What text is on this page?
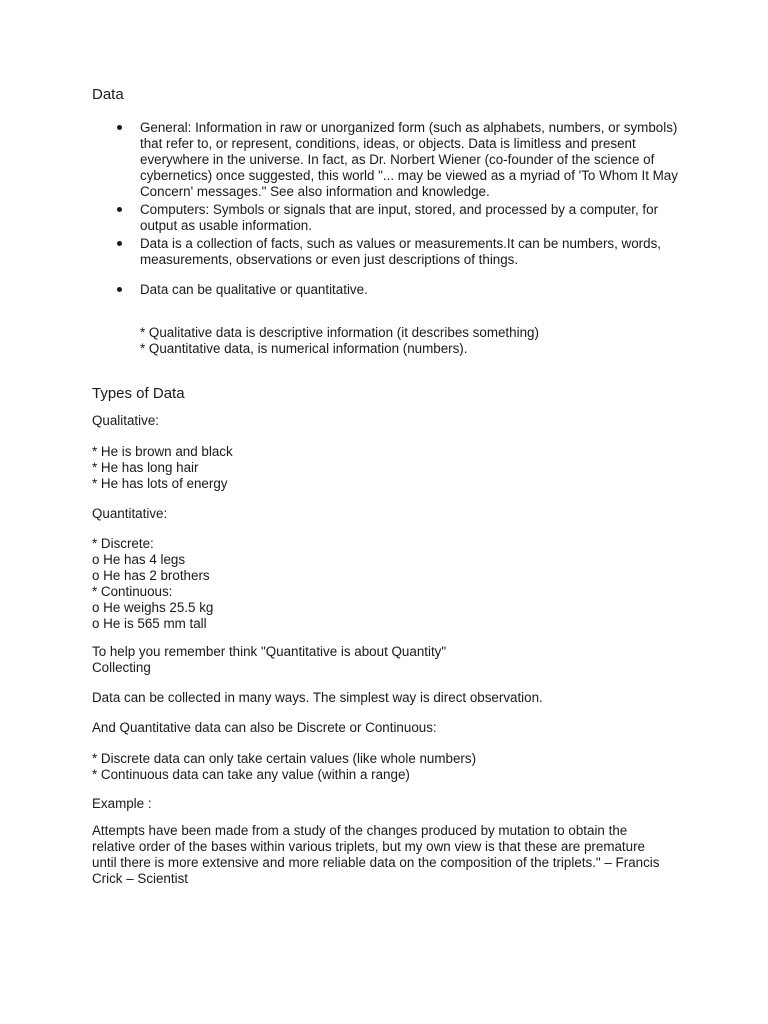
Data
General: Information in raw or unorganized form (such as alphabets, numbers, or symbols) that refer to, or represent, conditions, ideas, or objects. Data is limitless and present everywhere in the universe. In fact, as Dr. Norbert Wiener (co-founder of the science of cybernetics) once suggested, this world "... may be viewed as a myriad of 'To Whom It May Concern' messages." See also information and knowledge.
Computers: Symbols or signals that are input, stored, and processed by a computer, for output as usable information.
Data is a collection of facts, such as values or measurements.It can be numbers, words, measurements, observations or even just descriptions of things.
Data can be qualitative or quantitative.
* Qualitative data is descriptive information (it describes something)
* Quantitative data, is numerical information (numbers).
Types of Data
Qualitative:
* He is brown and black
* He has long hair
* He has lots of energy
Quantitative:
* Discrete:
o He has 4 legs
o He has 2 brothers
* Continuous:
o He weighs 25.5 kg
o He is 565 mm tall
To help you remember think "Quantitative is about Quantity"
Collecting
Data can be collected in many ways. The simplest way is direct observation.
And Quantitative data can also be Discrete or Continuous:
* Discrete data can only take certain values (like whole numbers)
* Continuous data can take any value (within a range)
Example :
Attempts have been made from a study of the changes produced by mutation to obtain the relative order of the bases within various triplets, but my own view is that these are premature until there is more extensive and more reliable data on the composition of the triplets." – Francis Crick – Scientist
